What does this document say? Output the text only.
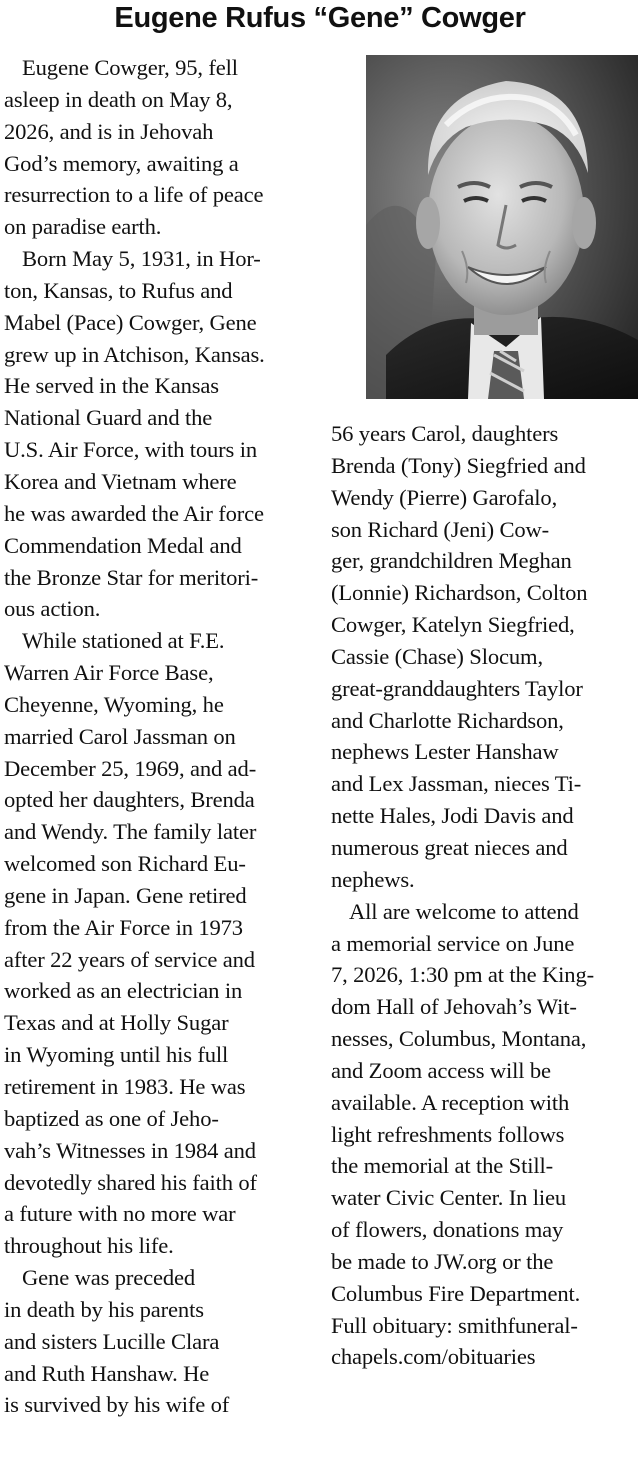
Eugene Rufus “Gene” Cowger
Eugene Cowger, 95, fell
asleep in death on May 8,
2026, and is in Jehovah
God’s memory, awaiting a
resurrection to a life of peace
on paradise earth.
Born May 5, 1931, in Hor-
ton, Kansas, to Rufus and
Mabel (Pace) Cowger, Gene
grew up in Atchison, Kansas.
He served in the Kansas
National Guard and the
U.S. Air Force, with tours in
Korea and Vietnam where
he was awarded the Air force
Commendation Medal and
the Bronze Star for meritori-
ous action.
While stationed at F.E.
Warren Air Force Base,
Cheyenne, Wyoming, he
married Carol Jassman on
December 25, 1969, and ad-
opted her daughters, Brenda
and Wendy. The family later
welcomed son Richard Eu-
gene in Japan. Gene retired
from the Air Force in 1973
after 22 years of service and
worked as an electrician in
Texas and at Holly Sugar
in Wyoming until his full
retirement in 1983. He was
baptized as one of Jeho-
vah’s Witnesses in 1984 and
devotedly shared his faith of
a future with no more war
throughout his life.
Gene was preceded
in death by his parents
and sisters Lucille Clara
and Ruth Hanshaw. He
is survived by his wife of
56 years Carol, daughters
Brenda (Tony) Siegfried and
Wendy (Pierre) Garofalo,
son Richard (Jeni) Cow-
ger, grandchildren Meghan
(Lonnie) Richardson, Colton
Cowger, Katelyn Siegfried,
Cassie (Chase) Slocum,
great-granddaughters Taylor
and Charlotte Richardson,
nephews Lester Hanshaw
and Lex Jassman, nieces Ti-
nette Hales, Jodi Davis and
numerous great nieces and
nephews.
All are welcome to attend
a memorial service on June
7, 2026, 1:30 pm at the King-
dom Hall of Jehovah’s Wit-
nesses, Columbus, Montana,
and Zoom access will be
available. A reception with
light refreshments follows
the memorial at the Still-
water Civic Center. In lieu
of flowers, donations may
be made to JW.org or the
Columbus Fire Department.
Full obituary: smithfuneral-
chapels.com/obituaries
